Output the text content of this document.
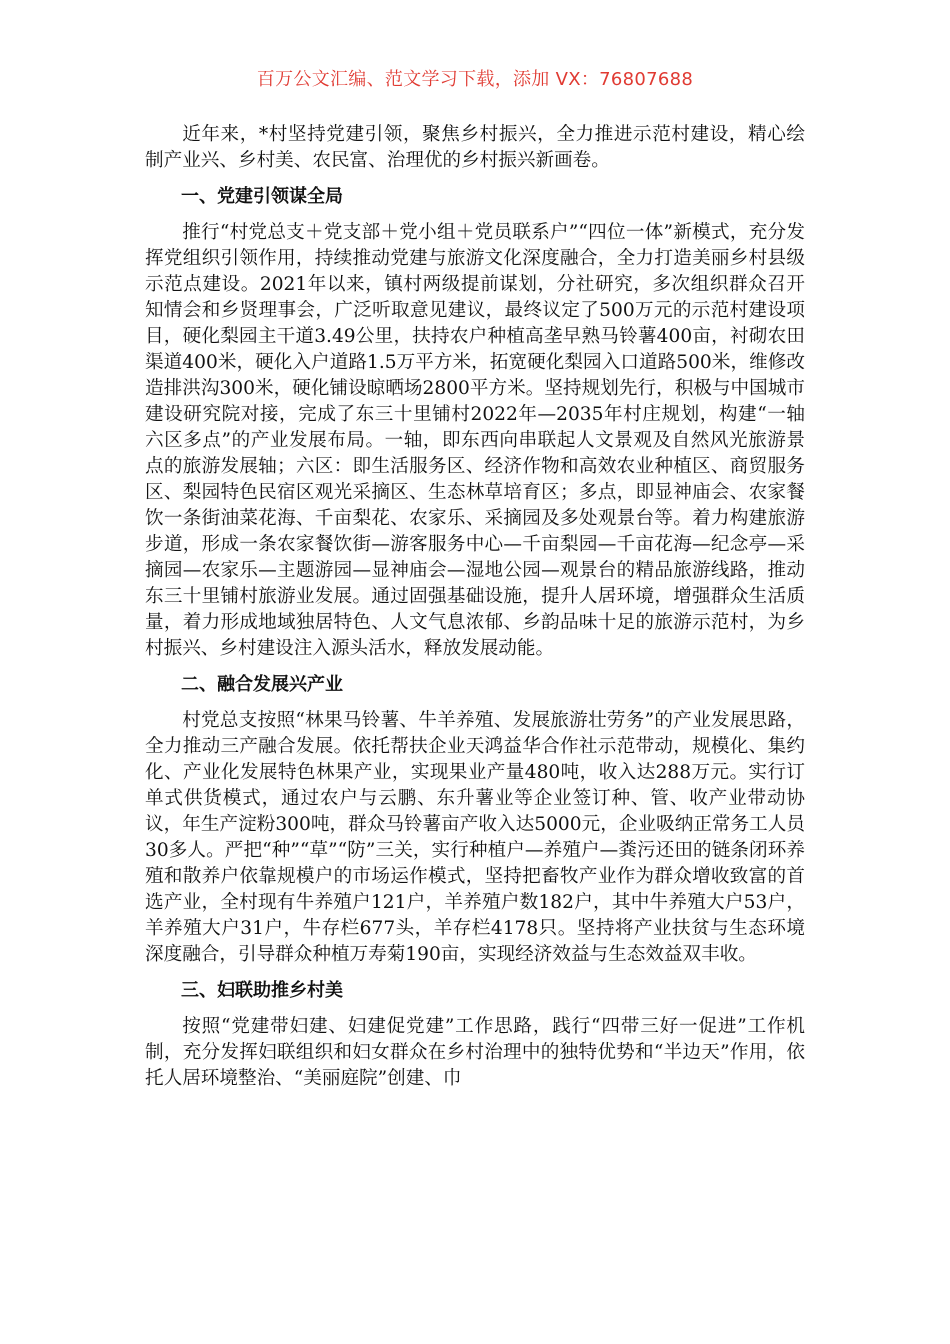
百万公文汇编、范文学习下载，添加 VX：76807688

近年来，*村坚持党建引领，聚焦乡村振兴，全力推进示范村建设，精心绘制产业兴、乡村美、农民富、治理优的乡村振兴新画卷。

一、党建引领谋全局

推行“村党总支＋党支部＋党小组＋党员联系户”“四位一体”新模式，充分发挥党组织引领作用，持续推动党建与旅游文化深度融合，全力打造美丽乡村县级示范点建设。2021年以来，镇村两级提前谋划，分社研究，多次组织群众召开知情会和乡贤理事会，广泛听取意见建议，最终议定了500万元的示范村建设项目，硬化梨园主干道3.49公里，扶持农户种植高垄早熟马铃薯400亩，衬砌农田渠道400米，硬化入户道路1.5万平方米，拓宽硬化梨园入口道路500米，维修改造排洪沟300米，硬化铺设晾晒场2800平方米。坚持规划先行，积极与中国城市建设研究院对接，完成了东三十里铺村2022年—2035年村庄规划，构建“一轴六区多点”的产业发展布局。一轴，即东西向串联起人文景观及自然风光旅游景点的旅游发展轴；六区：即生活服务区、经济作物和高效农业种植区、商贸服务区、梨园特色民宿区观光采摘区、生态林草培育区；多点，即显神庙会、农家餐饮一条街油菜花海、千亩梨花、农家乐、采摘园及多处观景台等。着力构建旅游步道，形成一条农家餐饮街—游客服务中心—千亩梨园—千亩花海—纪念亭—采摘园—农家乐—主题游园—显神庙会—湿地公园—观景台的精品旅游线路，推动东三十里铺村旅游业发展。通过固强基础设施，提升人居环境，增强群众生活质量，着力形成地域独居特色、人文气息浓郁、乡韵品味十足的旅游示范村，为乡村振兴、乡村建设注入源头活水，释放发展动能。

二、融合发展兴产业

村党总支按照“林果马铃薯、牛羊养殖、发展旅游壮劳务”的产业发展思路，全力推动三产融合发展。依托帮扶企业天鸿益华合作社示范带动，规模化、集约化、产业化发展特色林果产业，实现果业产量480吨，收入达288万元。实行订单式供货模式，通过农户与云鹏、东升薯业等企业签订种、管、收产业带动协议，年生产淀粉300吨，群众马铃薯亩产收入达5000元，企业吸纳正常务工人员30多人。严把“种”“草”“防”三关，实行种植户—养殖户—粪污还田的链条闭环养殖和散养户依靠规模户的市场运作模式，坚持把畜牧产业作为群众增收致富的首选产业，全村现有牛养殖户121户，羊养殖户数182户，其中牛养殖大户53户，羊养殖大户31户，牛存栏677头，羊存栏4178只。坚持将产业扶贫与生态环境深度融合，引导群众种植万寿菊190亩，实现经济效益与生态效益双丰收。

三、妇联助推乡村美

按照“党建带妇建、妇建促党建”工作思路，践行“四带三好一促进”工作机制，充分发挥妇联组织和妇女群众在乡村治理中的独特优势和“半边天”作用，依托人居环境整治、“美丽庭院”创建、巾
